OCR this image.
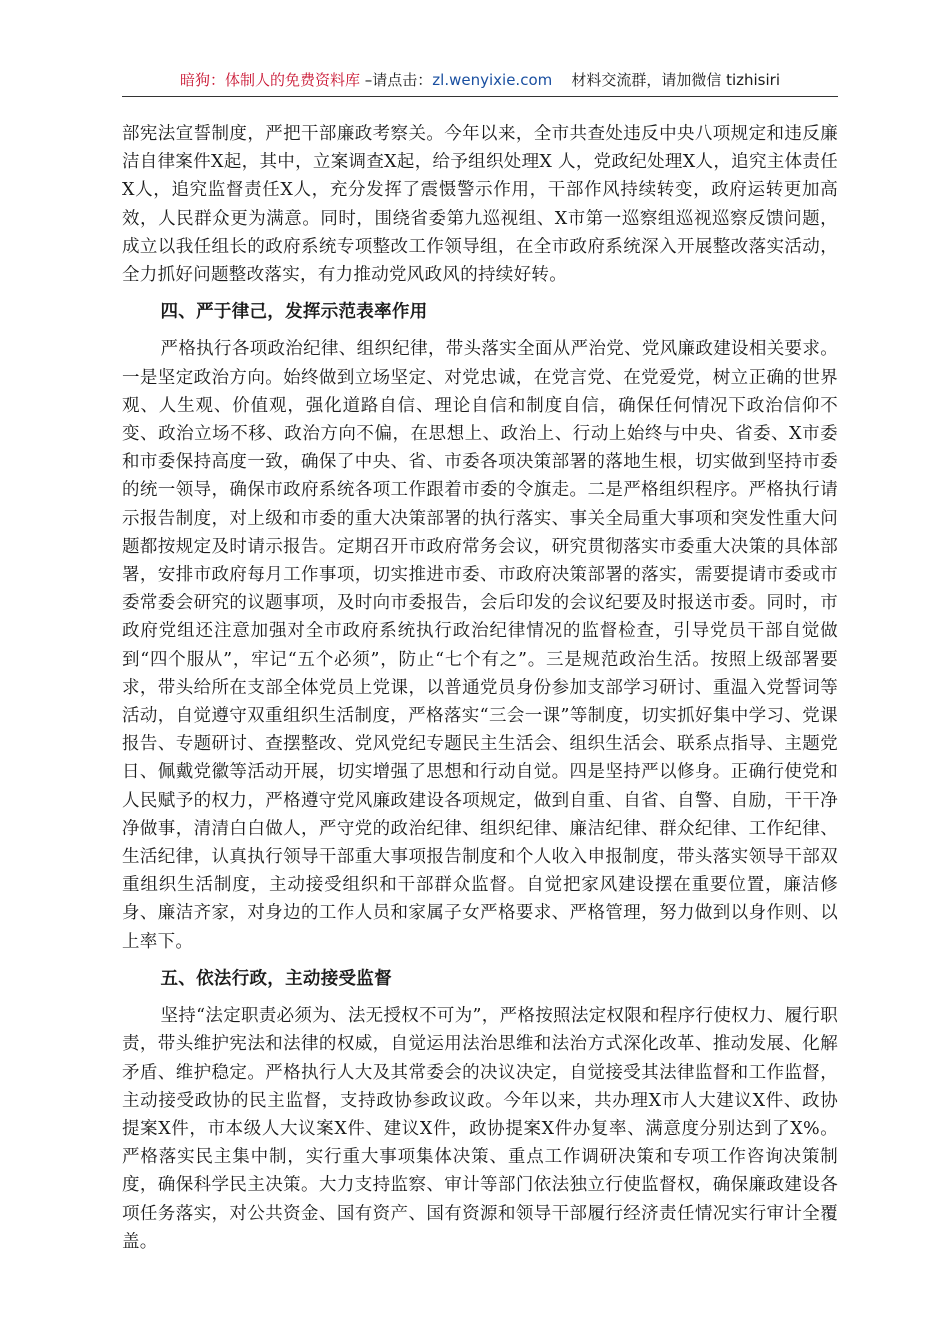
暗狗：体制人的免费资料库 –请点击：zl.wenyixie.com 材料交流群，请加微信 tizhisiri

部宪法宣誓制度，严把干部廉政考察关。今年以来，全市共查处违反中央八项规定和违反廉洁自律案件X起，其中，立案调查X起，给予组织处理X 人，党政纪处理X人，追究主体责任X人，追究监督责任X人，充分发挥了震慑警示作用，干部作风持续转变，政府运转更加高效，人民群众更为满意。同时，围绕省委第九巡视组、X市第一巡察组巡视巡察反馈问题，成立以我任组长的政府系统专项整改工作领导组，在全市政府系统深入开展整改落实活动，全力抓好问题整改落实，有力推动党风政风的持续好转。

四、严于律己，发挥示范表率作用

严格执行各项政治纪律、组织纪律，带头落实全面从严治党、党风廉政建设相关要求。一是坚定政治方向。始终做到立场坚定、对党忠诚，在党言党、在党爱党，树立正确的世界观、人生观、价值观，强化道路自信、理论自信和制度自信，确保任何情况下政治信仰不变、政治立场不移、政治方向不偏，在思想上、政治上、行动上始终与中央、省委、X市委和市委保持高度一致，确保了中央、省、市委各项决策部署的落地生根，切实做到坚持市委的统一领导，确保市政府系统各项工作跟着市委的令旗走。二是严格组织程序。严格执行请示报告制度，对上级和市委的重大决策部署的执行落实、事关全局重大事项和突发性重大问题都按规定及时请示报告。定期召开市政府常务会议，研究贯彻落实市委重大决策的具体部署，安排市政府每月工作事项，切实推进市委、市政府决策部署的落实，需要提请市委或市委常委会研究的议题事项，及时向市委报告，会后印发的会议纪要及时报送市委。同时，市政府党组还注意加强对全市政府系统执行政治纪律情况的监督检查，引导党员干部自觉做到“四个服从”，牢记“五个必须”，防止“七个有之”。三是规范政治生活。按照上级部署要求，带头给所在支部全体党员上党课，以普通党员身份参加支部学习研讨、重温入党誓词等活动，自觉遵守双重组织生活制度，严格落实“三会一课”等制度，切实抓好集中学习、党课报告、专题研讨、查摆整改、党风党纪专题民主生活会、组织生活会、联系点指导、主题党日、佩戴党徽等活动开展，切实增强了思想和行动自觉。四是坚持严以修身。正确行使党和人民赋予的权力，严格遵守党风廉政建设各项规定，做到自重、自省、自警、自励，干干净净做事，清清白白做人，严守党的政治纪律、组织纪律、廉洁纪律、群众纪律、工作纪律、生活纪律，认真执行领导干部重大事项报告制度和个人收入申报制度，带头落实领导干部双重组织生活制度，主动接受组织和干部群众监督。自觉把家风建设摆在重要位置，廉洁修身、廉洁齐家，对身边的工作人员和家属子女严格要求、严格管理，努力做到以身作则、以上率下。

五、依法行政，主动接受监督

坚持“法定职责必须为、法无授权不可为”，严格按照法定权限和程序行使权力、履行职责，带头维护宪法和法律的权威，自觉运用法治思维和法治方式深化改革、推动发展、化解矛盾、维护稳定。严格执行人大及其常委会的决议决定，自觉接受其法律监督和工作监督，主动接受政协的民主监督，支持政协参政议政。今年以来，共办理X市人大建议X件、政协提案X件，市本级人大议案X件、建议X件，政协提案X件办复率、满意度分别达到了X%。严格落实民主集中制，实行重大事项集体决策、重点工作调研决策和专项工作咨询决策制度，确保科学民主决策。大力支持监察、审计等部门依法独立行使监督权，确保廉政建设各项任务落实，对公共资金、国有资产、国有资源和领导干部履行经济责任情况实行审计全覆盖。
